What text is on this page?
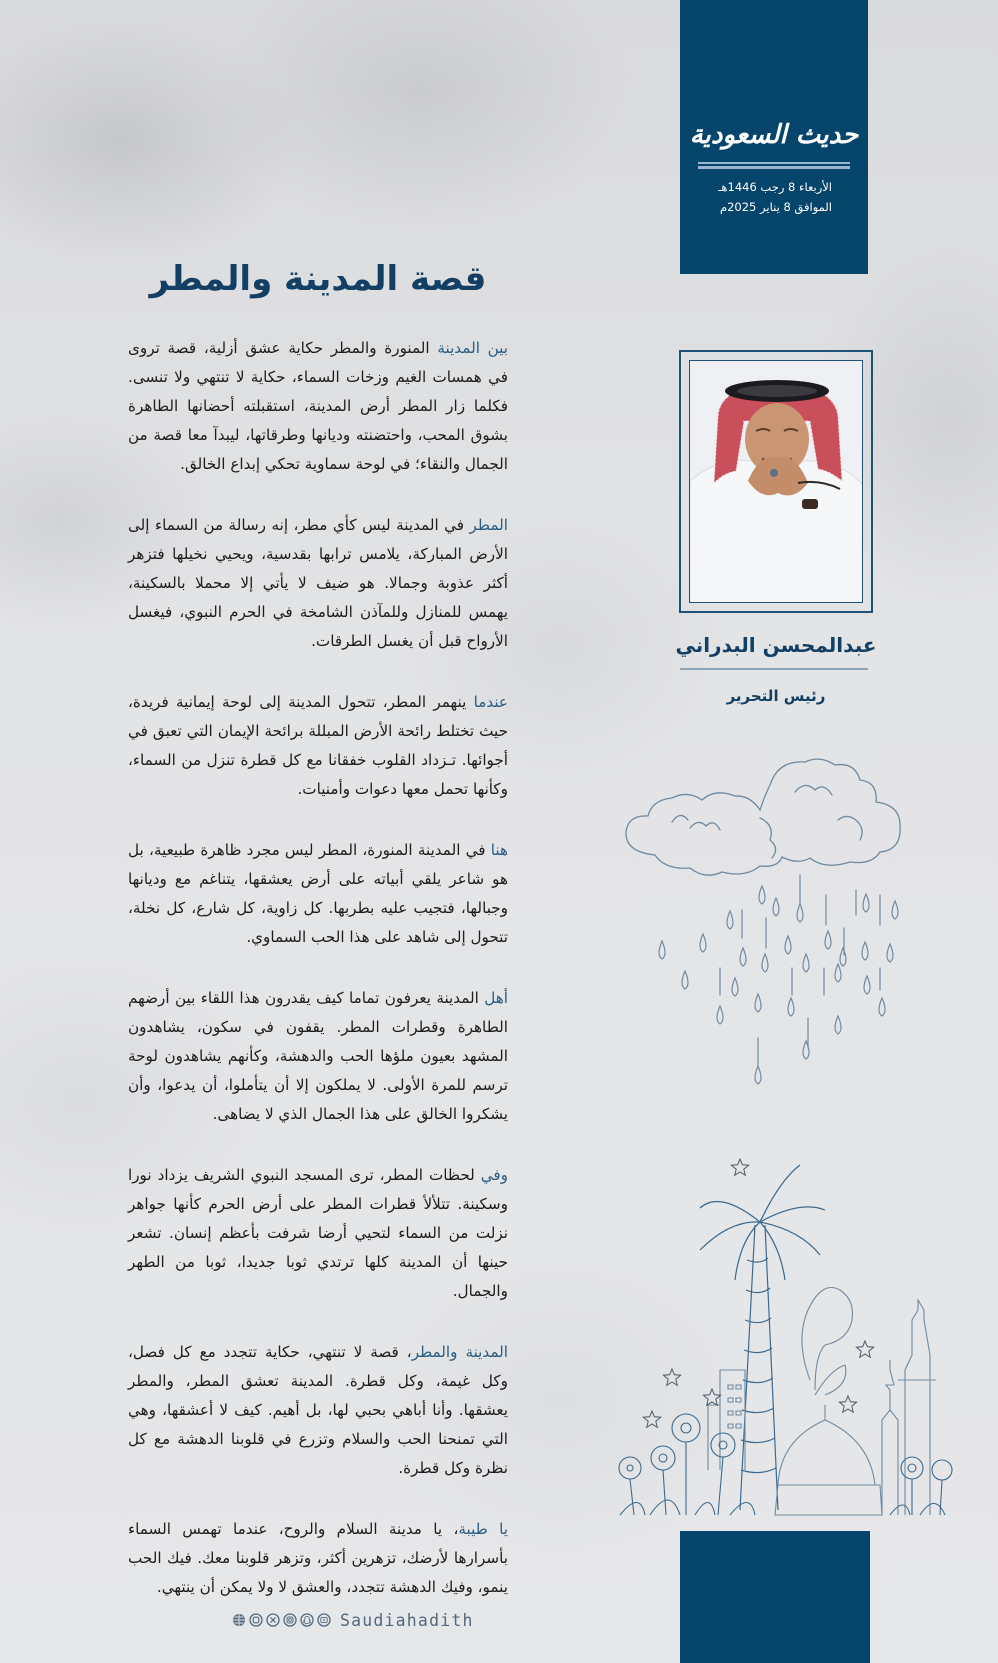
حديث السعودية
الأربعاء 8 رجب 1446هـ
الموافق 8 يناير 2025م
قصة المدينة والمطر

بين المدينة المنورة والمطر حكاية عشق أزلية، قصة تروى في همسات الغيم وزخات السماء، حكاية لا تنتهي ولا تنسى. فكلما زار المطر أرض المدينة، استقبلته أحضانها الطاهرة بشوق المحب، واحتضنته وديانها وطرقاتها، ليبدآ معا قصة من الجمال والنقاء؛ في لوحة سماوية تحكي إبداع الخالق.

المطر في المدينة ليس كأي مطر، إنه رسالة من السماء إلى الأرض المباركة، يلامس ترابها بقدسية، ويحيي نخيلها فتزهر أكثر عذوبة وجمالا. هو ضيف لا يأتي إلا محملا بالسكينة، يهمس للمنازل وللمآذن الشامخة في الحرم النبوي، فيغسل الأرواح قبل أن يغسل الطرقات.

عندما ينهمر المطر، تتحول المدينة إلى لوحة إيمانية فريدة، حيث تختلط رائحة الأرض المبللة برائحة الإيمان التي تعبق في أجوائها. تـزداد القلوب خفقانا مع كل قطرة تنزل من السماء، وكأنها تحمل معها دعوات وأمنيات.

هنا في المدينة المنورة، المطر ليس مجرد ظاهرة طبيعية، بل هو شاعر يلقي أبياته على أرض يعشقها، يتناغم مع وديانها وجبالها، فتجيب عليه بطربها. كل زاوية، كل شارع، كل نخلة، تتحول إلى شاهد على هذا الحب السماوي.

أهل المدينة يعرفون تماما كيف يقدرون هذا اللقاء بين أرضهم الطاهرة وقطرات المطر. يقفون في سكون، يشاهدون المشهد بعيون ملؤها الحب والدهشة، وكأنهم يشاهدون لوحة ترسم للمرة الأولى. لا يملكون إلا أن يتأملوا، أن يدعوا، وأن يشكروا الخالق على هذا الجمال الذي لا يضاهى.

وفي لحظات المطر، ترى المسجد النبوي الشريف يزداد نورا وسكينة. تتلألأ قطرات المطر على أرض الحرم كأنها جواهر نزلت من السماء لتحيي أرضا شرفت بأعظم إنسان. تشعر حينها أن المدينة كلها ترتدي ثوبا جديدا، ثوبا من الطهر والجمال.

المدينة والمطر، قصة لا تنتهي، حكاية تتجدد مع كل فصل، وكل غيمة، وكل قطرة. المدينة تعشق المطر، والمطر يعشقها. وأنا أباهي بحبي لها، بل أهيم. كيف لا أعشقها، وهي التي تمنحنا الحب والسلام وتزرع في قلوبنا الدهشة مع كل نظرة وكل قطرة.

يا طيبة، يا مدينة السلام والروح، عندما تهمس السماء بأسرارها لأرضك، تزهرين أكثر، وتزهر قلوبنا معك. فيك الحب ينمو، وفيك الدهشة تتجدد، والعشق لا ولا يمكن أن ينتهي.

عبدالمحسن البدراني
رئيس التحرير
Saudiahadith
